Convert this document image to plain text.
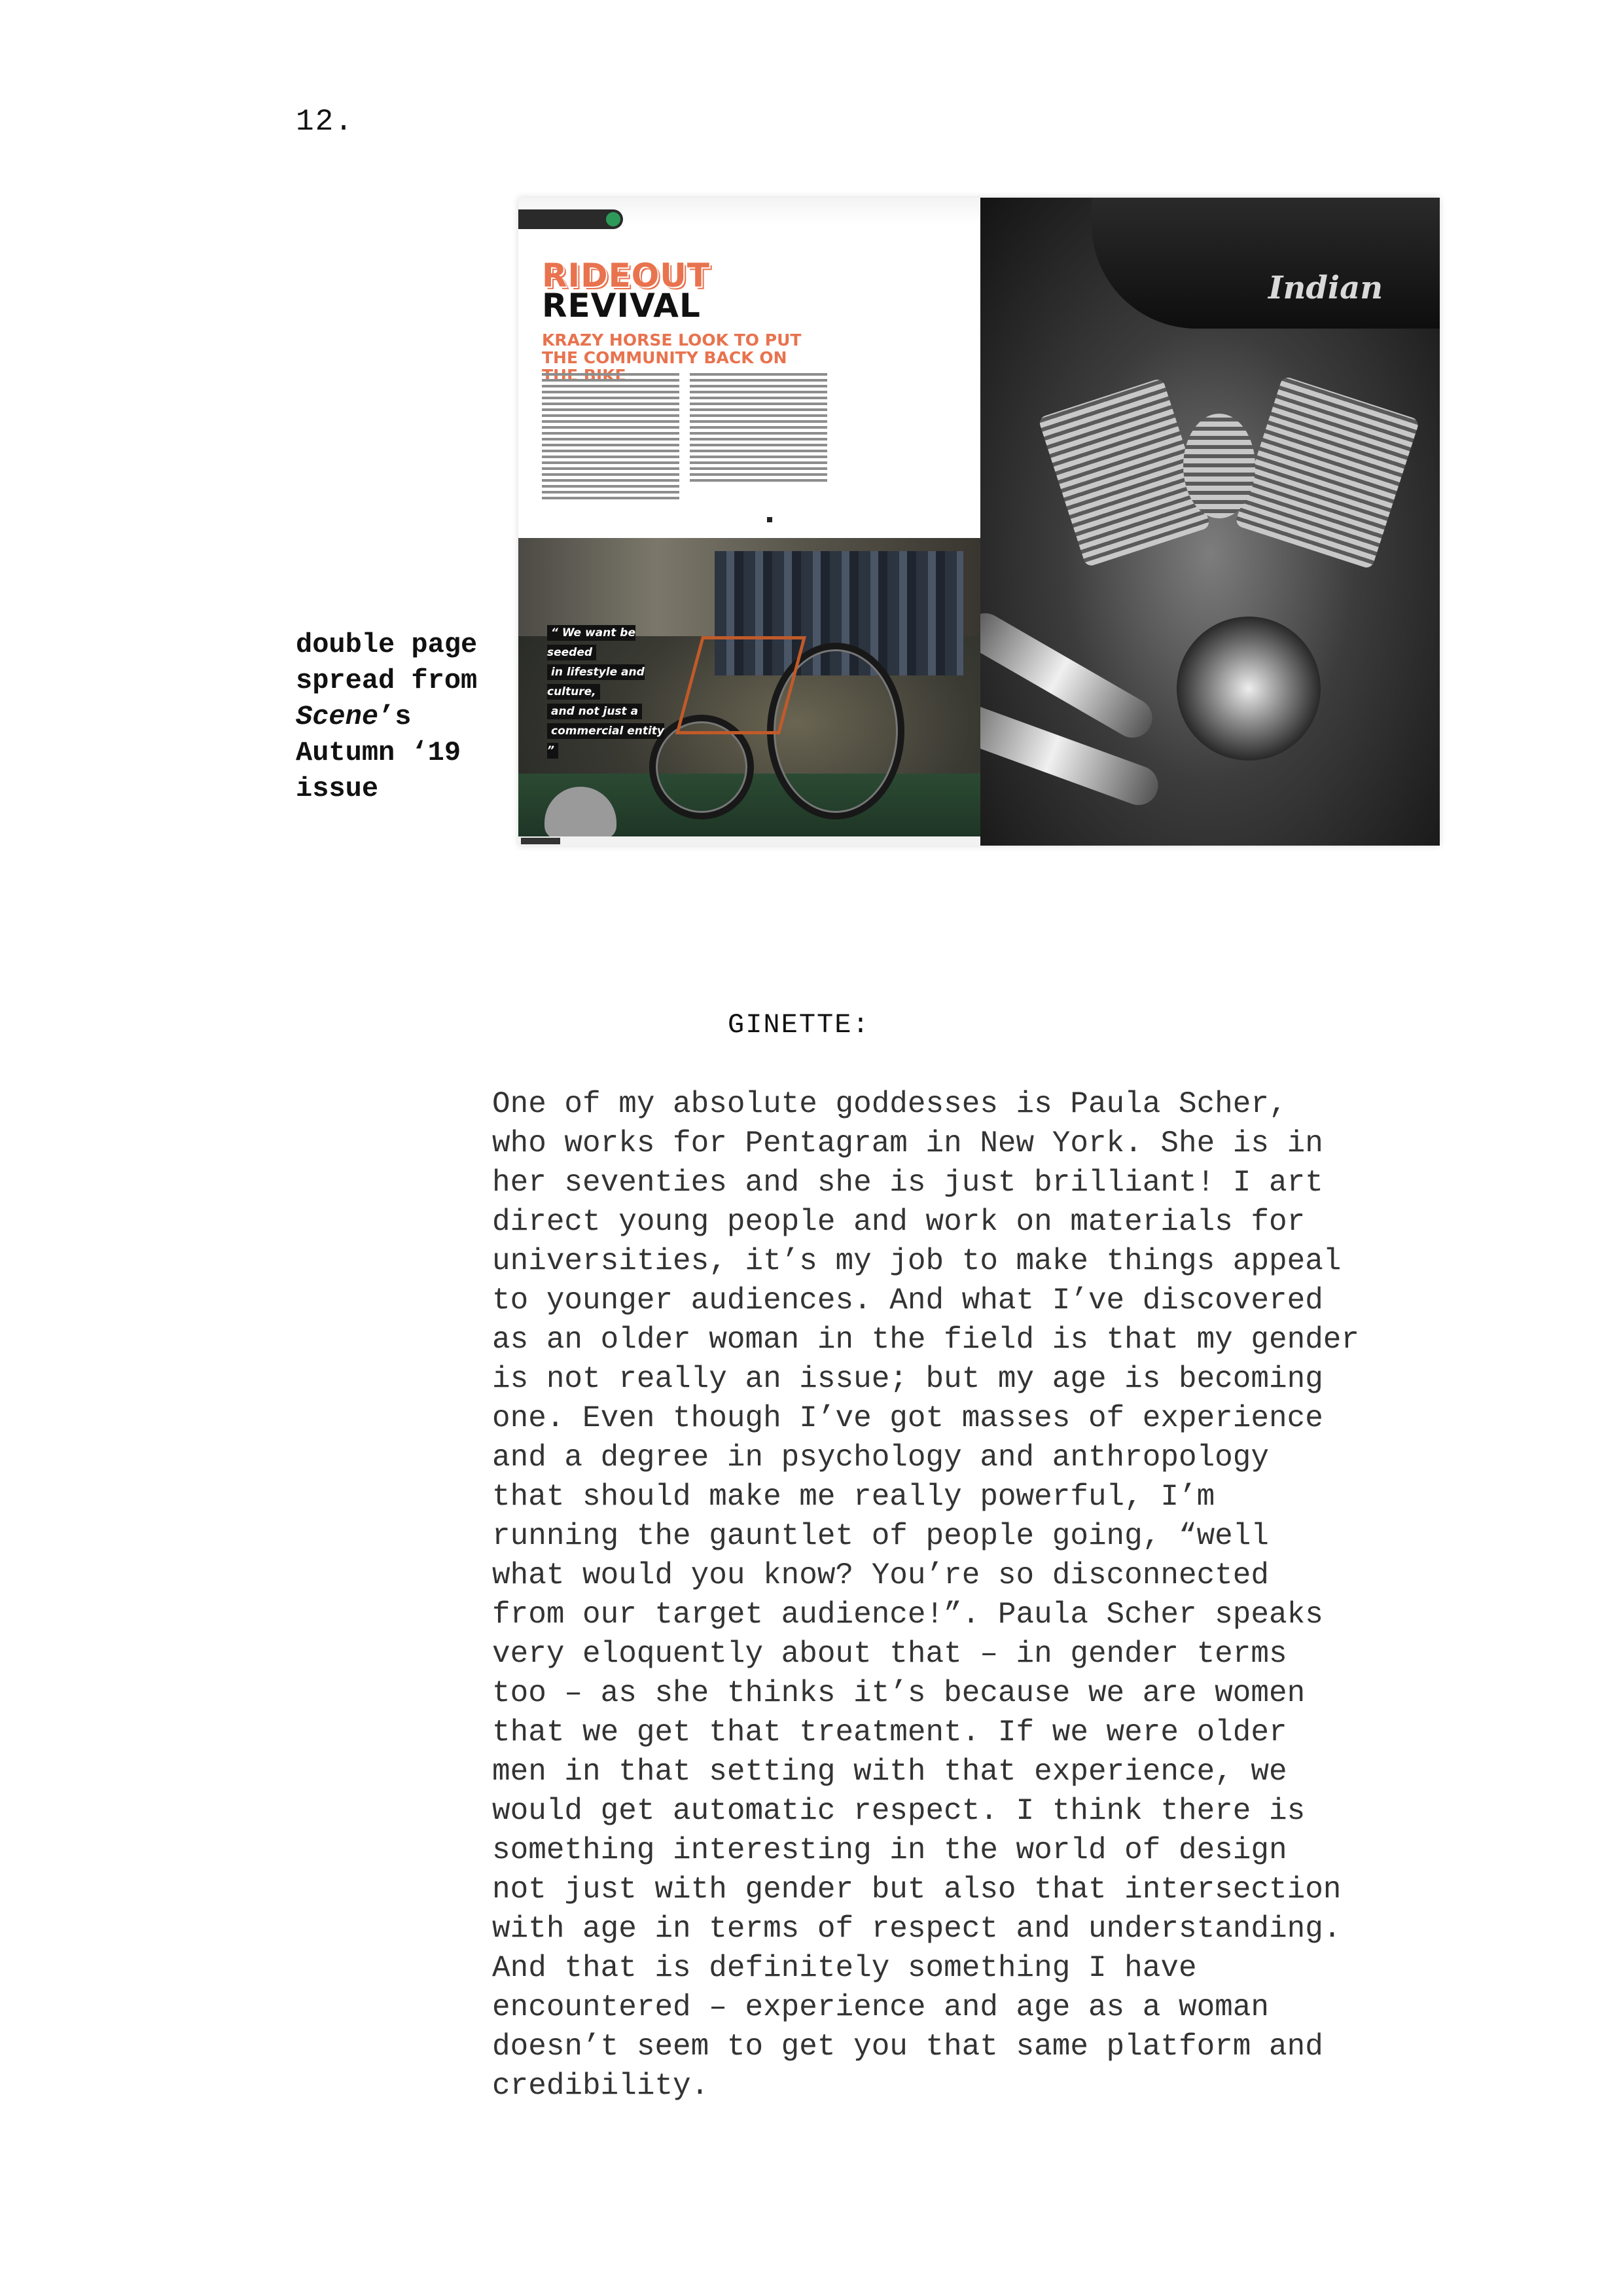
12.
double page spread from Scene’s Autumn ‘19 issue
RIDEOUT
REVIVAL
KRAZY HORSE LOOK TO PUT THE COMMUNITY BACK ON
“ We want be seeded
in lifestyle and culture,
and not just a
commercial entity ”
Indian
GINETTE:
One of my absolute goddesses is Paula Scher,
who works for Pentagram in New York. She is in
her seventies and she is just brilliant! I art
direct young people and work on materials for
universities, it’s my job to make things appeal
to younger audiences. And what I’ve discovered
as an older woman in the field is that my gender
is not really an issue; but my age is becoming
one. Even though I’ve got masses of experience
and a degree in psychology and anthropology
that should make me really powerful, I’m
running the gauntlet of people going, “well
what would you know? You’re so disconnected
from our target audience!”. Paula Scher speaks
very eloquently about that – in gender terms
too – as she thinks it’s because we are women
that we get that treatment. If we were older
men in that setting with that experience, we
would get automatic respect. I think there is
something interesting in the world of design
not just with gender but also that intersection
with age in terms of respect and understanding.
And that is definitely something I have
encountered – experience and age as a woman
doesn’t seem to get you that same platform and
credibility.
